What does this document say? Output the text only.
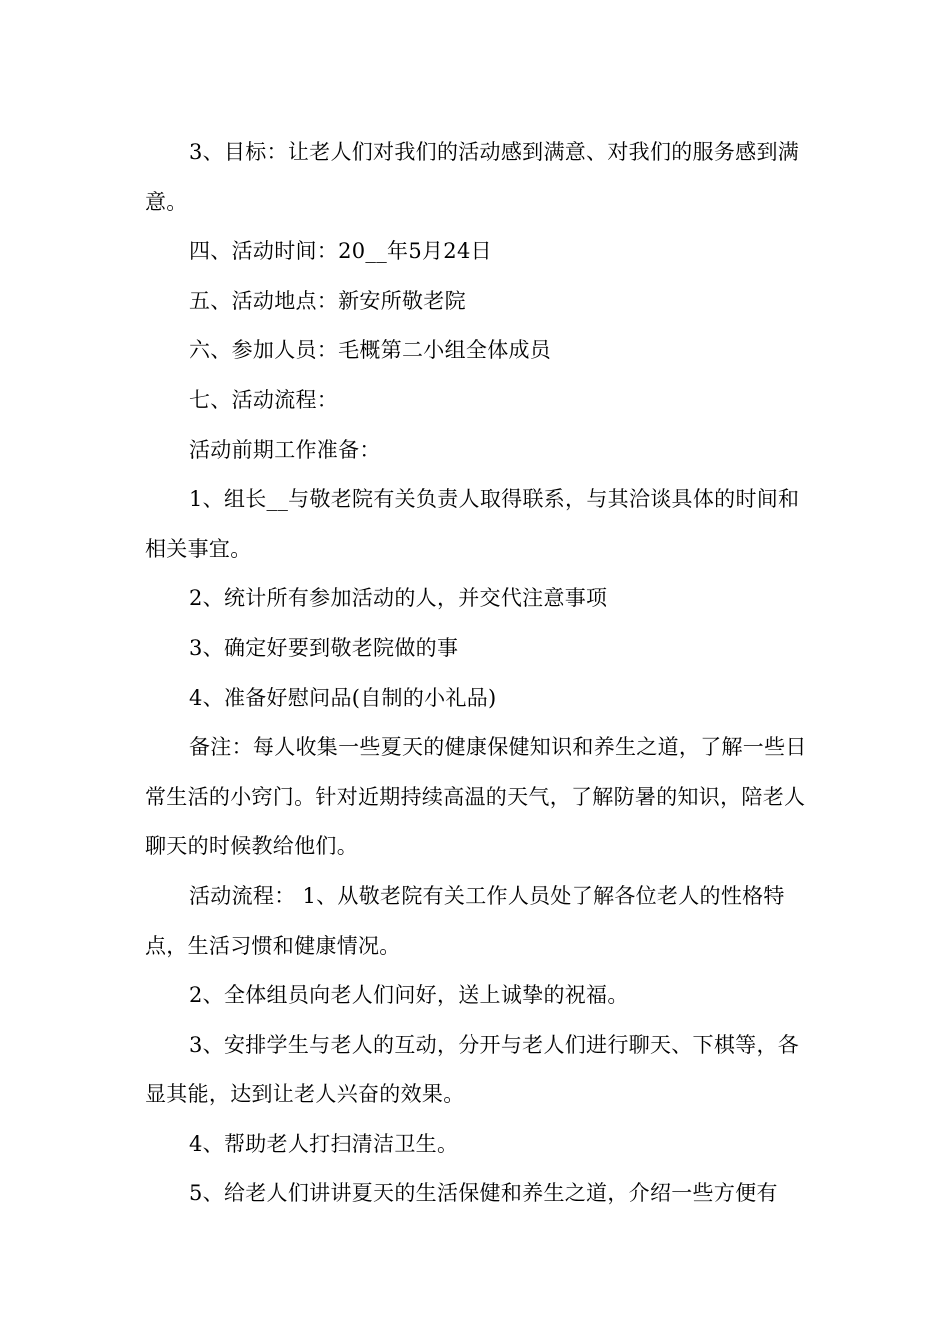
3、目标：让老人们对我们的活动感到满意、对我们的服务感到满意。

四、活动时间：20__年5月24日

五、活动地点：新安所敬老院

六、参加人员：毛概第二小组全体成员

七、活动流程：

活动前期工作准备：

1、组长__与敬老院有关负责人取得联系，与其洽谈具体的时间和相关事宜。

2、统计所有参加活动的人，并交代注意事项

3、确定好要到敬老院做的事

4、准备好慰问品(自制的小礼品)

备注：每人收集一些夏天的健康保健知识和养生之道，了解一些日常生活的小窍门。针对近期持续高温的天气，了解防暑的知识，陪老人聊天的时候教给他们。

活动流程： 1、从敬老院有关工作人员处了解各位老人的性格特点，生活习惯和健康情况。

2、全体组员向老人们问好，送上诚挚的祝福。

3、安排学生与老人的互动，分开与老人们进行聊天、下棋等，各显其能，达到让老人兴奋的效果。

4、帮助老人打扫清洁卫生。

5、给老人们讲讲夏天的生活保健和养生之道，介绍一些方便有
